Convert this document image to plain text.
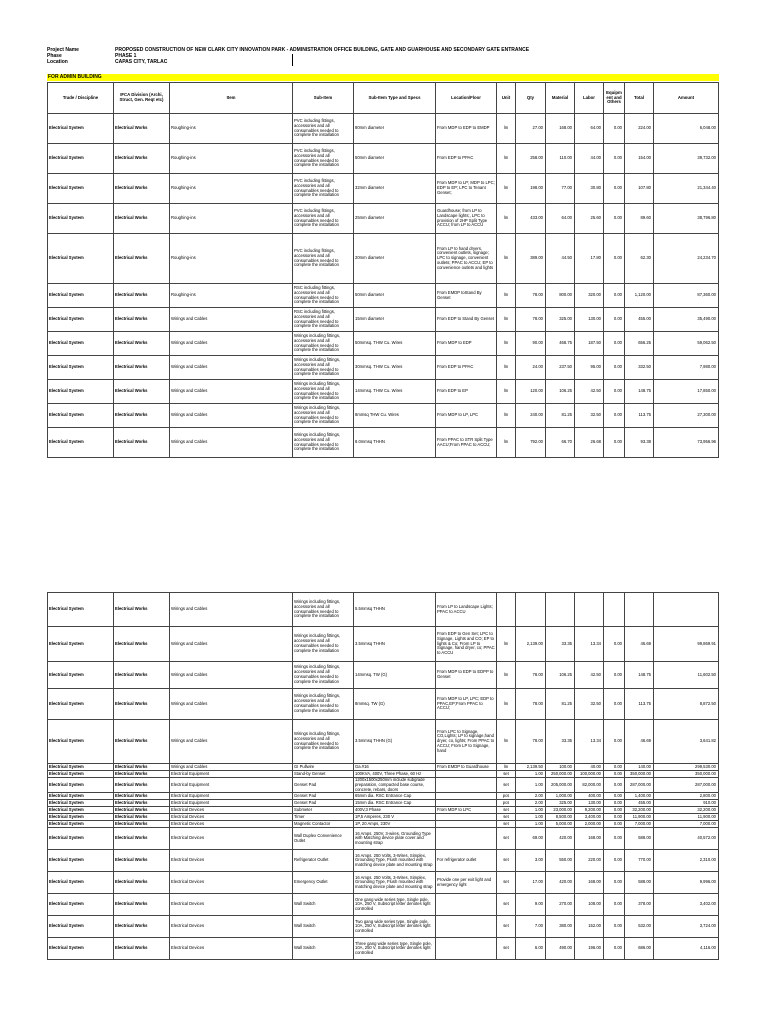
Project Name	PROPOSED CONSTRUCTION OF NEW CLARK CITY INNOVATION PARK - ADMINISTRATION OFFICE BUILDING, GATE AND GUARHOUSE AND SECONDARY GATE ENTRANCE
Phase	PHASE 1
Location	CAPAS CITY, TARLAC
FOR ADMIN BUILDING
Trade / Discipline	IFCA Division (Archi, Struct, Gen. Reqt etc)	Item	Sub-Item	Sub-Item Type and Specs	Location/Floor	Unit	Qty	Material	Labor	Equipment and Others	Total	Amount
Electrical System	Electrical Works	Roughing-ins	PVC including fittings, accessories and all consumables needed to complete the installation	80mm diameter	From MDP to EDP to EMDP	lm	27.00	168.00	64.00	0.00	224.00	6,048.00
Electrical System	Electrical Works	Roughing-ins	PVC including fittings, accessories and all consumables needed to complete the installation	50mm diameter	From EDP to PPAC	lm	258.00	110.00	44.00	0.00	154.00	39,732.00
Electrical System	Electrical Works	Roughing-ins	PVC including fittings, accessories and all consumables needed to complete the installation	32mm diameter	From MDP to LP; MDP to LPC; EDP to EP; LPC to Tenant Genset;	lm	198.00	77.00	30.80	0.00	107.80	21,344.40
Electrical System	Electrical Works	Roughing-ins	PVC including fittings, accessories and all consumables needed to complete the installation	25mm diameter	Guardhouse; from LP to Landscape lights;, LPC to provision of 2HP Split Type ACCU; from LP to ACCU	lm	433.00	64.00	25.60	0.00	89.60	38,796.80
Electrical System	Electrical Works	Roughing-ins	PVC including fittings, accessories and all consumables needed to complete the installation	20mm diameter	From LP to hand dryers, convenient outlets, signage; LPC to signage, convenient outlets; PPAC to ACCU; EP to convenience outlets and lights	lm	389.00	44.50	17.80	0.00	62.30	24,234.70
Electrical System	Electrical Works	Roughing-ins	RSC including fittings, accessories and all consumables needed to complete the installation	50mm diameter	From EMDP toStand By Genset	lm	78.00	800.00	320.00	0.00	1,120.00	87,360.00
Electrical System	Electrical Works	Wirings and Cables	RSC including fittings, accessories and all consumables needed to complete the installation	15mm diameter	From EDP to Stand By Genset	lm	78.00	325.00	130.00	0.00	455.00	35,490.00
Electrical System	Electrical Works	Wirings and Cables	Wirings including fittings, accessories and all consumables needed to complete the installation	50mmsq. THW Cu. Wires	From MDP to EDP	lm	90.00	468.75	187.50	0.00	656.25	59,062.50
Electrical System	Electrical Works	Wirings and Cables	Wirings including fittings, accessories and all consumables needed to complete the installation	30mmsq. THW Cu. Wires	From EDP to PPAC	lm	24.00	237.50	95.00	0.00	332.50	7,980.00
Electrical System	Electrical Works	Wirings and Cables	Wirings including fittings, accessories and all consumables needed to complete the installation	14mmsq. THW Cu. Wires	From EDP to EP	lm	120.00	106.25	42.50	0.00	148.75	17,850.00
Electrical System	Electrical Works	Wirings and Cables	Wirings including fittings, accessories and all consumables needed to complete the installation	8mmsq THW Cu. Wires	From MDP to LP, LPC	lm	240.00	81.25	32.50	0.00	113.75	27,300.00
Electrical System	Electrical Works	Wirings and Cables	Wirings including fittings, accessories and all consumables needed to complete the installation	8.0mmsq THHN	From PPAC to STR Split Type AACU;From PPAC to ACCU;	lm	792.00	66.70	26.68	0.00	93.38	73,956.96
Electrical System	Electrical Works	Wirings and Cables	Wirings including fittings, accessories and all consumables needed to complete the installation	5.5mmsq THHN	From LP to Landscape Lights; PPAC to ACCU							
Electrical System	Electrical Works	Wirings and Cables	Wirings including fittings, accessories and all consumables needed to complete the installation	3.5mmsq THHN	From EDP to Gen Set; LPC to Signage, Lights and CO; EP to lights & Co; From LP to Signage, hand dryer, co; PPAC to ACCU	lm	2,139.00	33.35	13.34	0.00	46.69	99,869.91
Electrical System	Electrical Works	Wirings and Cables	Wirings including fittings, accessories and all consumables needed to complete the installation	14mmsq. TW (G)	From MDP to EDP to EDPP to Genset	lm	78.00	106.25	42.50	0.00	148.75	11,602.50
Electrical System	Electrical Works	Wirings and Cables	Wirings including fittings, accessories and all consumables needed to complete the installation	8mmsq. TW (G)	From MDP to LP, LPC; EDP to PPAC,EP;From PPAC to ACCU;	lm	78.00	81.25	32.50	0.00	113.75	8,872.50
Electrical System	Electrical Works	Wirings and Cables	Wirings including fittings, accessories and all consumables needed to complete the installation	3.5mmsq THHN (G)	From LPC to Signage, CO,Lights; LP to signage,hand dryer, co, lights; From PPAC to ACCU; From LP to Signage, hand	lm	78.00	33.35	13.34	0.00	46.69	3,641.82
Electrical System	Electrical Works	Wirings and Cables	GI Pullwire	Ga.#16	From EMDP to Guardhouse	lm	2,139.50	100.00	40.00	0.00	140.00	299,530.00
Electrical System	Electrical Works	Electrical Equipment	Stand-by Genset	100KVA, 400V, Three Phase, 60 Hz		set	1.00	250,000.00	100,000.00	0.00	350,000.00	350,000.00
Electrical System	Electrical Works	Electrical Equipment	Genset Pad	1200x1500x250mm include subgrade preparation, compacted base course, concrete, rebars, doors		set	1.00	205,000.00	82,000.00	0.00	287,000.00	287,000.00
Electrical System	Electrical Works	Electrical Equipment	Genset Pad	65mm dia. RSC Entrance Cap		pcs	2.00	1,000.00	400.00	0.00	1,400.00	2,800.00
Electrical System	Electrical Works	Electrical Equipment	Genset Pad	15mm dia. RSC Entrance Cap		pcs	2.00	325.00	130.00	0.00	455.00	910.00
Electrical System	Electrical Works	Electrical Devices	Submeter	400V,3 Phase	From MDP to LPC	set	1.00	23,000.00	9,200.00	0.00	32,200.00	32,200.00
Electrical System	Electrical Works	Electrical Devices	Timer	1P,5 Amperes, 230 V		set	1.00	8,500.00	3,400.00	0.00	11,900.00	11,900.00
Electrical System	Electrical Works	Electrical Devices	Magnetic Contactor	1P, 20 Amps, 230V		set	1.00	5,000.00	2,000.00	0.00	7,000.00	7,000.00
Electrical System	Electrical Works	Electrical Devices	Wall Duplex Convenience Outlet	16 Amps. 250V, 3-wires, Grounding Type with Matching device plate cover and mounting strap		set	69.00	420.00	168.00	0.00	588.00	40,572.00
Electrical System	Electrical Works	Electrical Devices	Refrigerator Outlet	16 Amps. 250 Volts, 3-Wires, Simplex, Grounding Type, Flush mounted with matching device plate and mounting strap	For refrigerator outlet	set	3.00	550.00	220.00	0.00	770.00	2,310.00
Electrical System	Electrical Works	Electrical Devices	Emergency Outlet	16 Amps. 250 Volts, 3-Wires, Simplex, Grounding Type, Flush mounted with matching device plate and mounting strap	Provide one per exit light and emergency light	set	17.00	420.00	168.00	0.00	588.00	9,996.00
Electrical System	Electrical Works	Electrical Devices	Wall Switch	One gang wide series type, Single pole, 10A, 250 V, Subscript letter denotes light controlled		set	9.00	270.00	108.00	0.00	378.00	3,402.00
Electrical System	Electrical Works	Electrical Devices	Wall Switch	Two gang wide series type, Single pole, 10A, 250 V, Subscript letter denotes light controlled		set	7.00	380.00	152.00	0.00	532.00	3,724.00
Electrical System	Electrical Works	Electrical Devices	Wall Switch	Three gang wide series type, Single pole, 10A, 250 V, Subscript letter denotes light controlled		set	6.00	490.00	196.00	0.00	686.00	4,116.00
